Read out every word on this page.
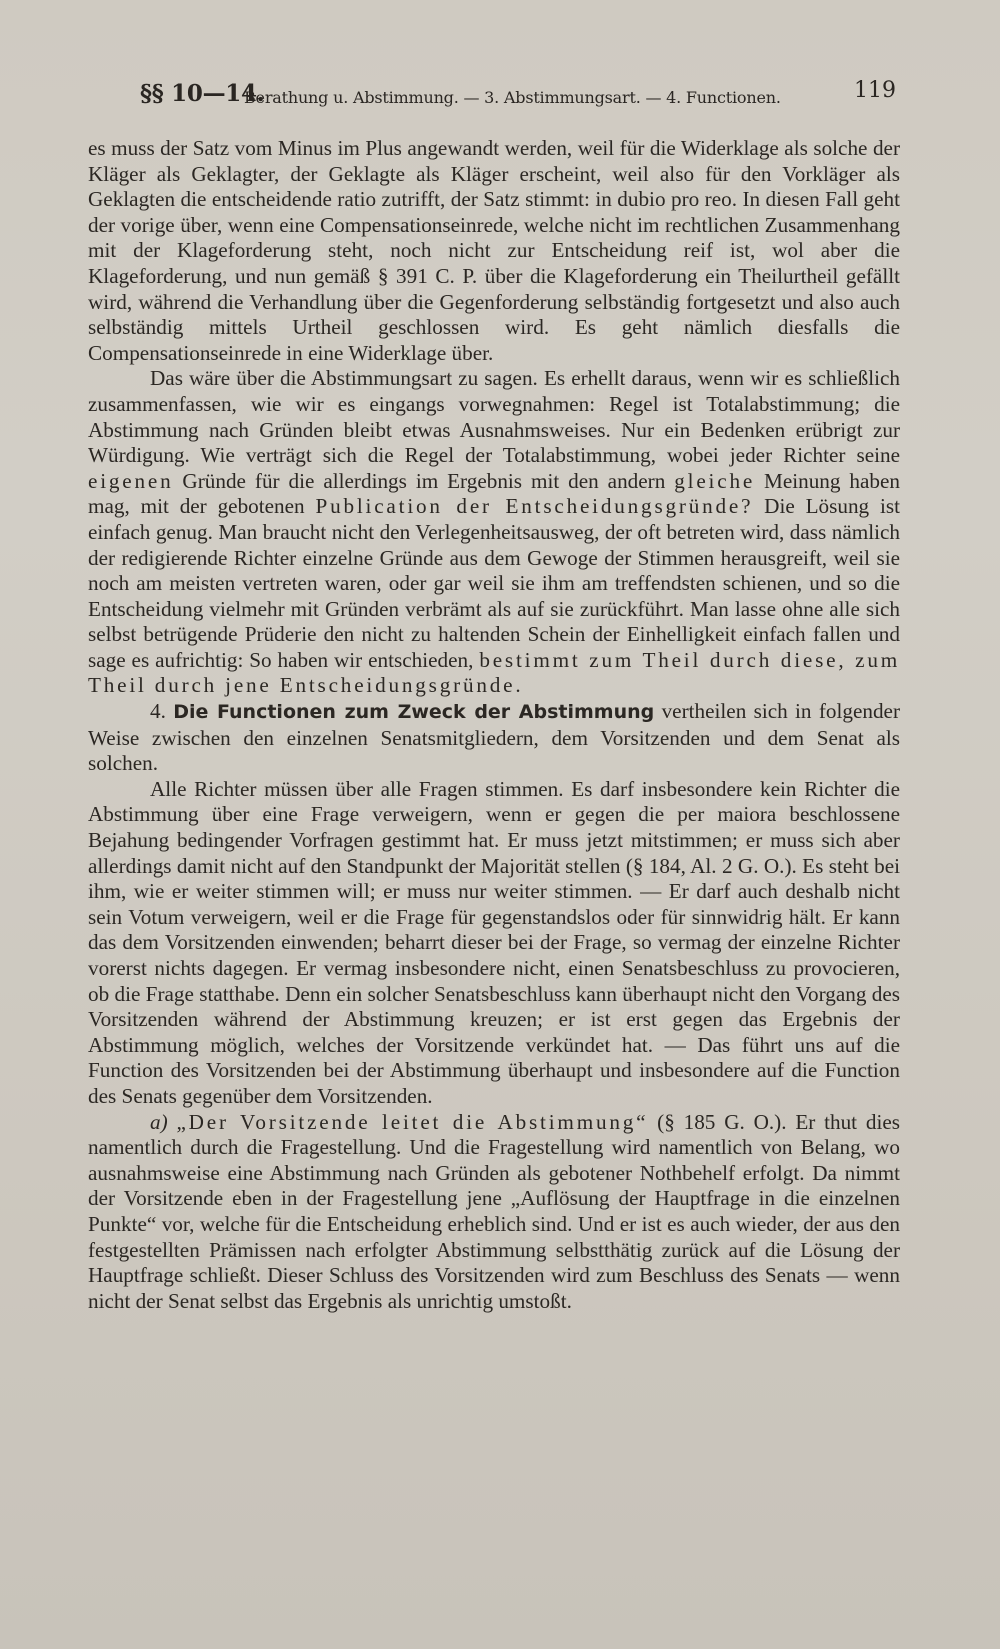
§§ 10—14.
Berathung u. Abstimmung. — 3. Abstimmungsart. — 4. Functionen.	119

es muss der Satz vom Minus im Plus angewandt werden, weil für die Widerklage als solche der Kläger als Geklagter, der Geklagte als Kläger erscheint, weil also für den Vorkläger als Geklagten die entscheidende ratio zutrifft, der Satz stimmt: in dubio pro reo. In diesen Fall geht der vorige über, wenn eine Compensationseinrede, welche nicht im rechtlichen Zusammenhang mit der Klageforderung steht, noch nicht zur Entscheidung reif ist, wol aber die Klageforderung, und nun gemäß § 391 C. P. über die Klageforderung ein Theilurtheil gefällt wird, während die Verhandlung über die Gegenforderung selbständig fortgesetzt und also auch selbständig mittels Urtheil geschlossen wird. Es geht nämlich diesfalls die Compensationseinrede in eine Widerklage über.

Das wäre über die Abstimmungsart zu sagen. Es erhellt daraus, wenn wir es schließlich zusammenfassen, wie wir es eingangs vorwegnahmen: Regel ist Totalabstimmung; die Abstimmung nach Gründen bleibt etwas Ausnahmsweises. Nur ein Bedenken erübrigt zur Würdigung. Wie verträgt sich die Regel der Totalabstimmung, wobei jeder Richter seine eigenen Gründe für die allerdings im Ergebnis mit den andern gleiche Meinung haben mag, mit der gebotenen Publication der Entscheidungsgründe? Die Lösung ist einfach genug. Man braucht nicht den Verlegenheitsausweg, der oft betreten wird, dass nämlich der redigierende Richter einzelne Gründe aus dem Gewoge der Stimmen herausgreift, weil sie noch am meisten vertreten waren, oder gar weil sie ihm am treffendsten schienen, und so die Entscheidung vielmehr mit Gründen verbrämt als auf sie zurückführt. Man lasse ohne alle sich selbst betrügende Prüderie den nicht zu haltenden Schein der Einhelligkeit einfach fallen und sage es aufrichtig: So haben wir entschieden, bestimmt zum Theil durch diese, zum Theil durch jene Entscheidungsgründe.

4. Die Functionen zum Zweck der Abstimmung vertheilen sich in folgender Weise zwischen den einzelnen Senatsmitgliedern, dem Vorsitzenden und dem Senat als solchen.

Alle Richter müssen über alle Fragen stimmen. Es darf insbesondere kein Richter die Abstimmung über eine Frage verweigern, wenn er gegen die per maiora beschlossene Bejahung bedingender Vorfragen gestimmt hat. Er muss jetzt mitstimmen; er muss sich aber allerdings damit nicht auf den Standpunkt der Majorität stellen (§ 184, Al. 2 G. O.). Es steht bei ihm, wie er weiter stimmen will; er muss nur weiter stimmen. — Er darf auch deshalb nicht sein Votum verweigern, weil er die Frage für gegenstandslos oder für sinnwidrig hält. Er kann das dem Vorsitzenden einwenden; beharrt dieser bei der Frage, so vermag der einzelne Richter vorerst nichts dagegen. Er vermag insbesondere nicht, einen Senatsbeschluss zu provocieren, ob die Frage statthabe. Denn ein solcher Senatsbeschluss kann überhaupt nicht den Vorgang des Vorsitzenden während der Abstimmung kreuzen; er ist erst gegen das Ergebnis der Abstimmung möglich, welches der Vorsitzende verkündet hat. — Das führt uns auf die Function des Vorsitzenden bei der Abstimmung überhaupt und insbesondere auf die Function des Senats gegenüber dem Vorsitzenden.

a) „Der Vorsitzende leitet die Abstimmung“ (§ 185 G. O.). Er thut dies namentlich durch die Fragestellung. Und die Fragestellung wird namentlich von Belang, wo ausnahmsweise eine Abstimmung nach Gründen als gebotener Nothbehelf erfolgt. Da nimmt der Vorsitzende eben in der Fragestellung jene „Auflösung der Hauptfrage in die einzelnen Punkte“ vor, welche für die Entscheidung erheblich sind. Und er ist es auch wieder, der aus den festgestellten Prämissen nach erfolgter Abstimmung selbstthätig zurück auf die Lösung der Hauptfrage schließt. Dieser Schluss des Vorsitzenden wird zum Beschluss des Senats — wenn nicht der Senat selbst das Ergebnis als unrichtig umstoßt.
